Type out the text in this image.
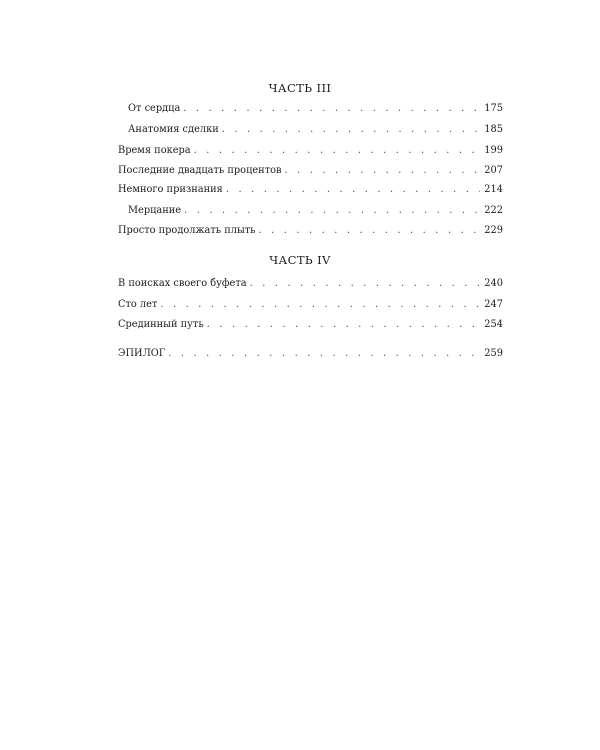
ЧАСТЬ III
От сердца . . .	175
Анатомия сделки . . .	185
Время покера . . .	199
Последние двадцать процентов . . .	207
Немного признания . . .	214
Мерцание . . .	222
Просто продолжать плыть . . .	229
ЧАСТЬ IV
В поисках своего буфета . . .	240
Сто лет . . .	247
Срединный путь . . .	254
ЭПИЛОГ . . .	259
